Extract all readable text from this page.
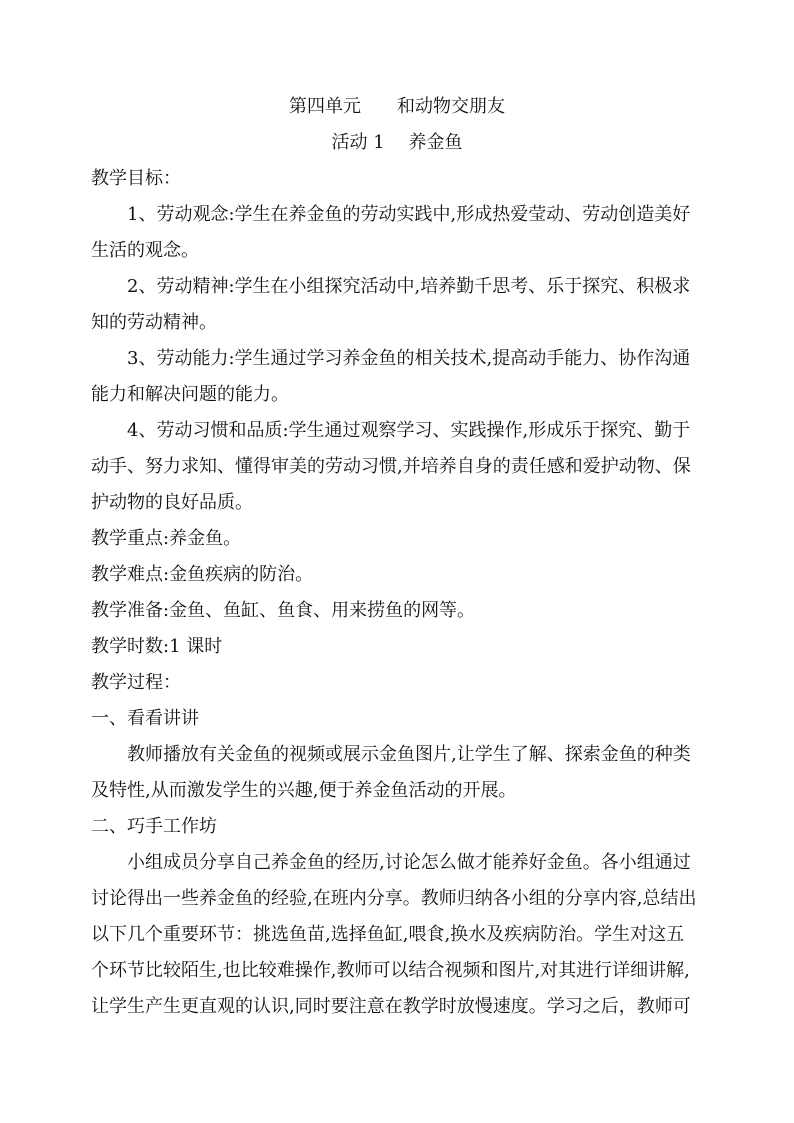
第四单元　　和动物交朋友
活动 1　 养金鱼
教学目标：
1、劳动观念:学生在养金鱼的劳动实践中,形成热爱莹动、劳动创造美好
生活的观念。
2、劳动精神:学生在小组探究活动中,培养勤千思考、乐于探究、积极求
知的劳动精神。
3、劳动能力:学生通过学习养金鱼的相关技术,提高动手能力、协作沟通
能力和解决问题的能力。
4、劳动习惯和品质:学生通过观察学习、实践操作,形成乐于探究、勤于
动手、努力求知、懂得审美的劳动习惯,并培养自身的责任感和爱护动物、保
护动物的良好品质。
教学重点:养金鱼。
教学难点:金鱼疾病的防治。
教学准备:金鱼、鱼缸、鱼食、用来捞鱼的网等。
教学时数:1 课时
教学过程：
一、看看讲讲
教师播放有关金鱼的视频或展示金鱼图片,让学生了解、探索金鱼的种类
及特性,从而激发学生的兴趣,便于养金鱼活动的开展。
二、巧手工作坊
小组成员分享自己养金鱼的经历,讨论怎么做才能养好金鱼。各小组通过
讨论得出一些养金鱼的经验,在班内分享。教师归纳各小组的分享内容,总结出
以下几个重要环节：挑选鱼苗,选择鱼缸,喂食,换水及疾病防治。学生对这五
个环节比较陌生,也比较难操作,教师可以结合视频和图片,对其进行详细讲解,
让学生产生更直观的认识,同时要注意在教学时放慢速度。学习之后，教师可
